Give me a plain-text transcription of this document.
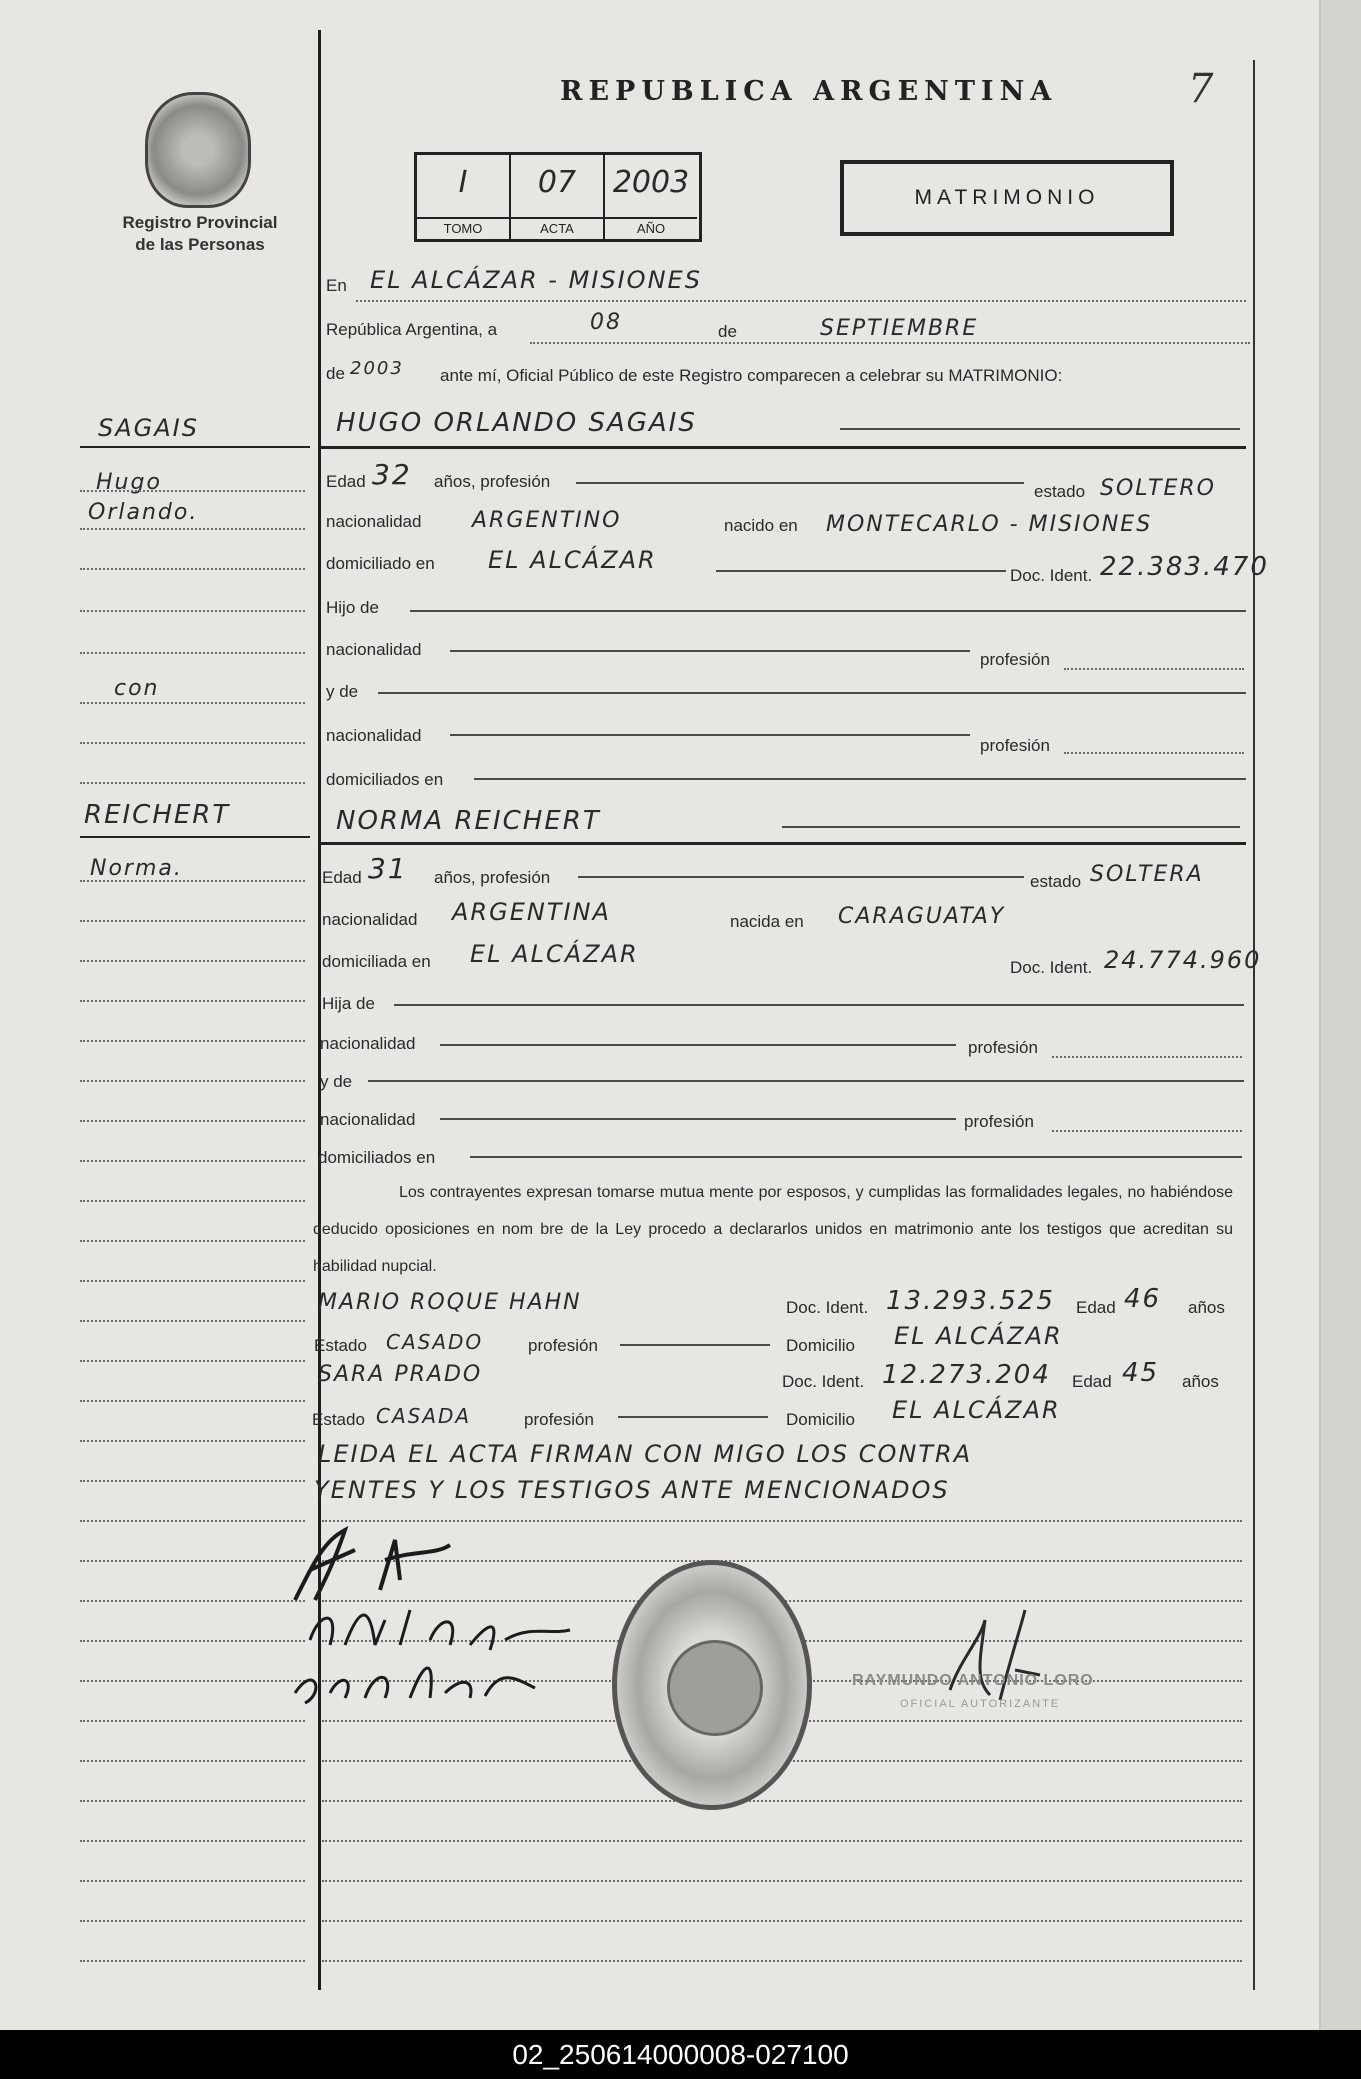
Registro Provincial
de las Personas
REPUBLICA ARGENTINA	7
I
TOMO
07
ACTA
2003
AÑO
MATRIMONIO
En EL ALCÁZAR - MISIONES
República Argentina, a	08	de	SEPTIEMBRE
de 2003 ante mí, Oficial Público de este Registro comparecen a celebrar su MATRIMONIO:
SAGAIS
Hugo
Orlando.
con
REICHERT
Norma.
HUGO ORLANDO SAGAIS
Edad 32 años, profesión
estado SOLTERO
nacionalidad ARGENTINO	nacido en MONTECARLO - MISIONES
domiciliado en EL ALCÁZAR
Doc. Ident. 22.383.470
Hijo de
nacionalidad
profesión
y de
nacionalidad
profesión
domiciliados en
NORMA REICHERT
Edad 31 años, profesión	estado SOLTERA
nacionalidad ARGENTINA	nacida en CARAGUATAY
domiciliada en EL ALCÁZAR	Doc. Ident. 24.774.960
Hija de
nacionalidad	profesión
y de
nacionalidad	profesión
domiciliados en
Los contrayentes expresan tomarse mutua mente por esposos, y cumplidas las formalidades legales, no habiéndose deducido oposiciones en nom bre de la Ley procedo a declararlos unidos en matrimonio ante los testigos que acreditan su habilidad nupcial.
MARIO ROQUE HAHN	Doc. Ident. 13.293.525 Edad 46 años
Estado CASADO	profesión	Domicilio EL ALCÁZAR
SARA PRADO	Doc. Ident. 12.273.204 Edad 45 años
Estado CASADA	profesión	Domicilio EL ALCÁZAR
LEIDA EL ACTA FIRMAN CON MIGO LOS CONTRA
YENTES Y LOS TESTIGOS ANTE MENCIONADOS
RAYMUNDO ANTONIO LORO
OFICIAL AUTORIZANTE
02_250614000008-027100
